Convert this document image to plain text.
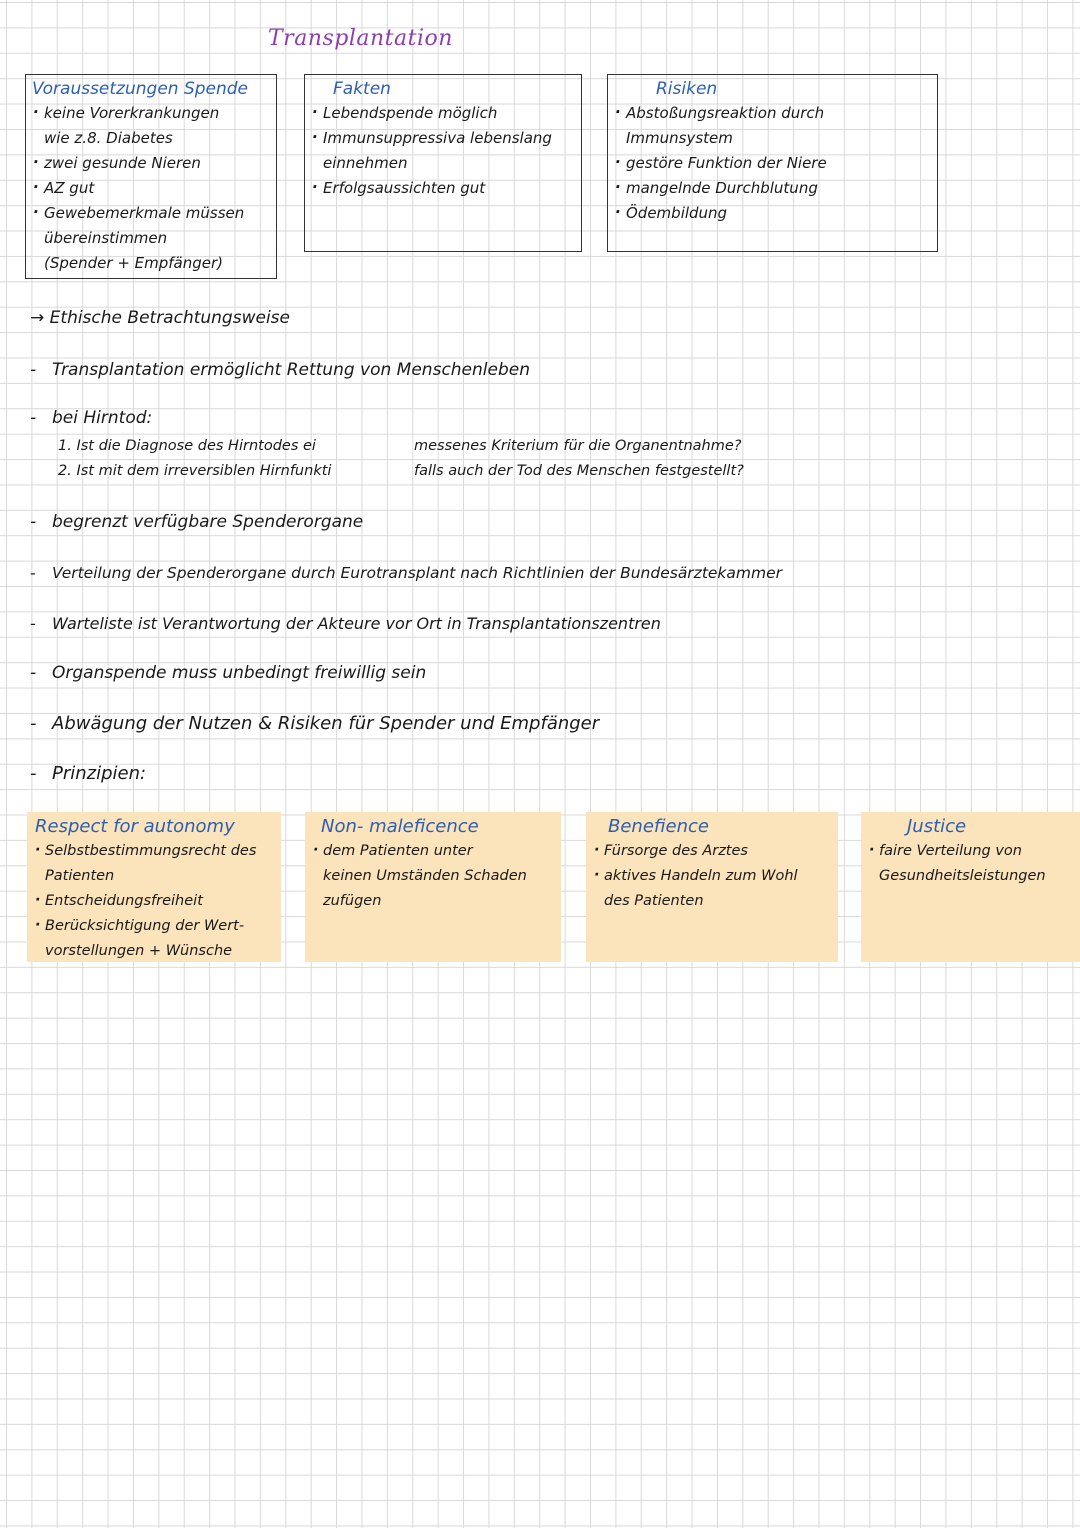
Transplantation
Voraussetzungen Spende
· keine Vorerkrankungen
wie z.8. Diabetes
· zwei gesunde Nieren
· AZ gut
· Gewebemerkmale müssen
übereinstimmen
(Spender + Empfänger)
Fakten
· Lebendspende möglich
· Immunsuppressiva lebenslang
einnehmen
· Erfolgsaussichten gut
Risiken
· Abstoßungsreaktion durch
Immunsystem
· gestöre Funktion der Niere
· mangelnde Durchblutung
· Ödembildung
→ Ethische Betrachtungsweise
- Transplantation ermöglicht Rettung von Menschenleben
- bei Hirntod:
1. Ist die Diagnose des Hirntodes ei	messenes Kriterium für die Organentnahme?
2. Ist mit dem irreversiblen Hirnfunkti	falls auch der Tod des Menschen festgestellt?
- begrenzt verfügbare Spenderorgane
- Verteilung der Spenderorgane durch Eurotransplant nach Richtlinien der Bundesärztekammer
- Warteliste ist Verantwortung der Akteure vor Ort in Transplantationszentren
- Organspende muss unbedingt freiwillig sein
- Abwägung der Nutzen & Risiken für Spender und Empfänger
- Prinzipien:
Respect for autonomy
· Selbstbestimmungsrecht des
Patienten
· Entscheidungsfreiheit
· Berücksichtigung der Wert-
vorstellungen + Wünsche
Non- maleficence
· dem Patienten unter
keinen Umständen Schaden
zufügen
Benefience
· Fürsorge des Arztes
· aktives Handeln zum Wohl
des Patienten
Justice
· faire Verteilung von
Gesundheitsleistungen
